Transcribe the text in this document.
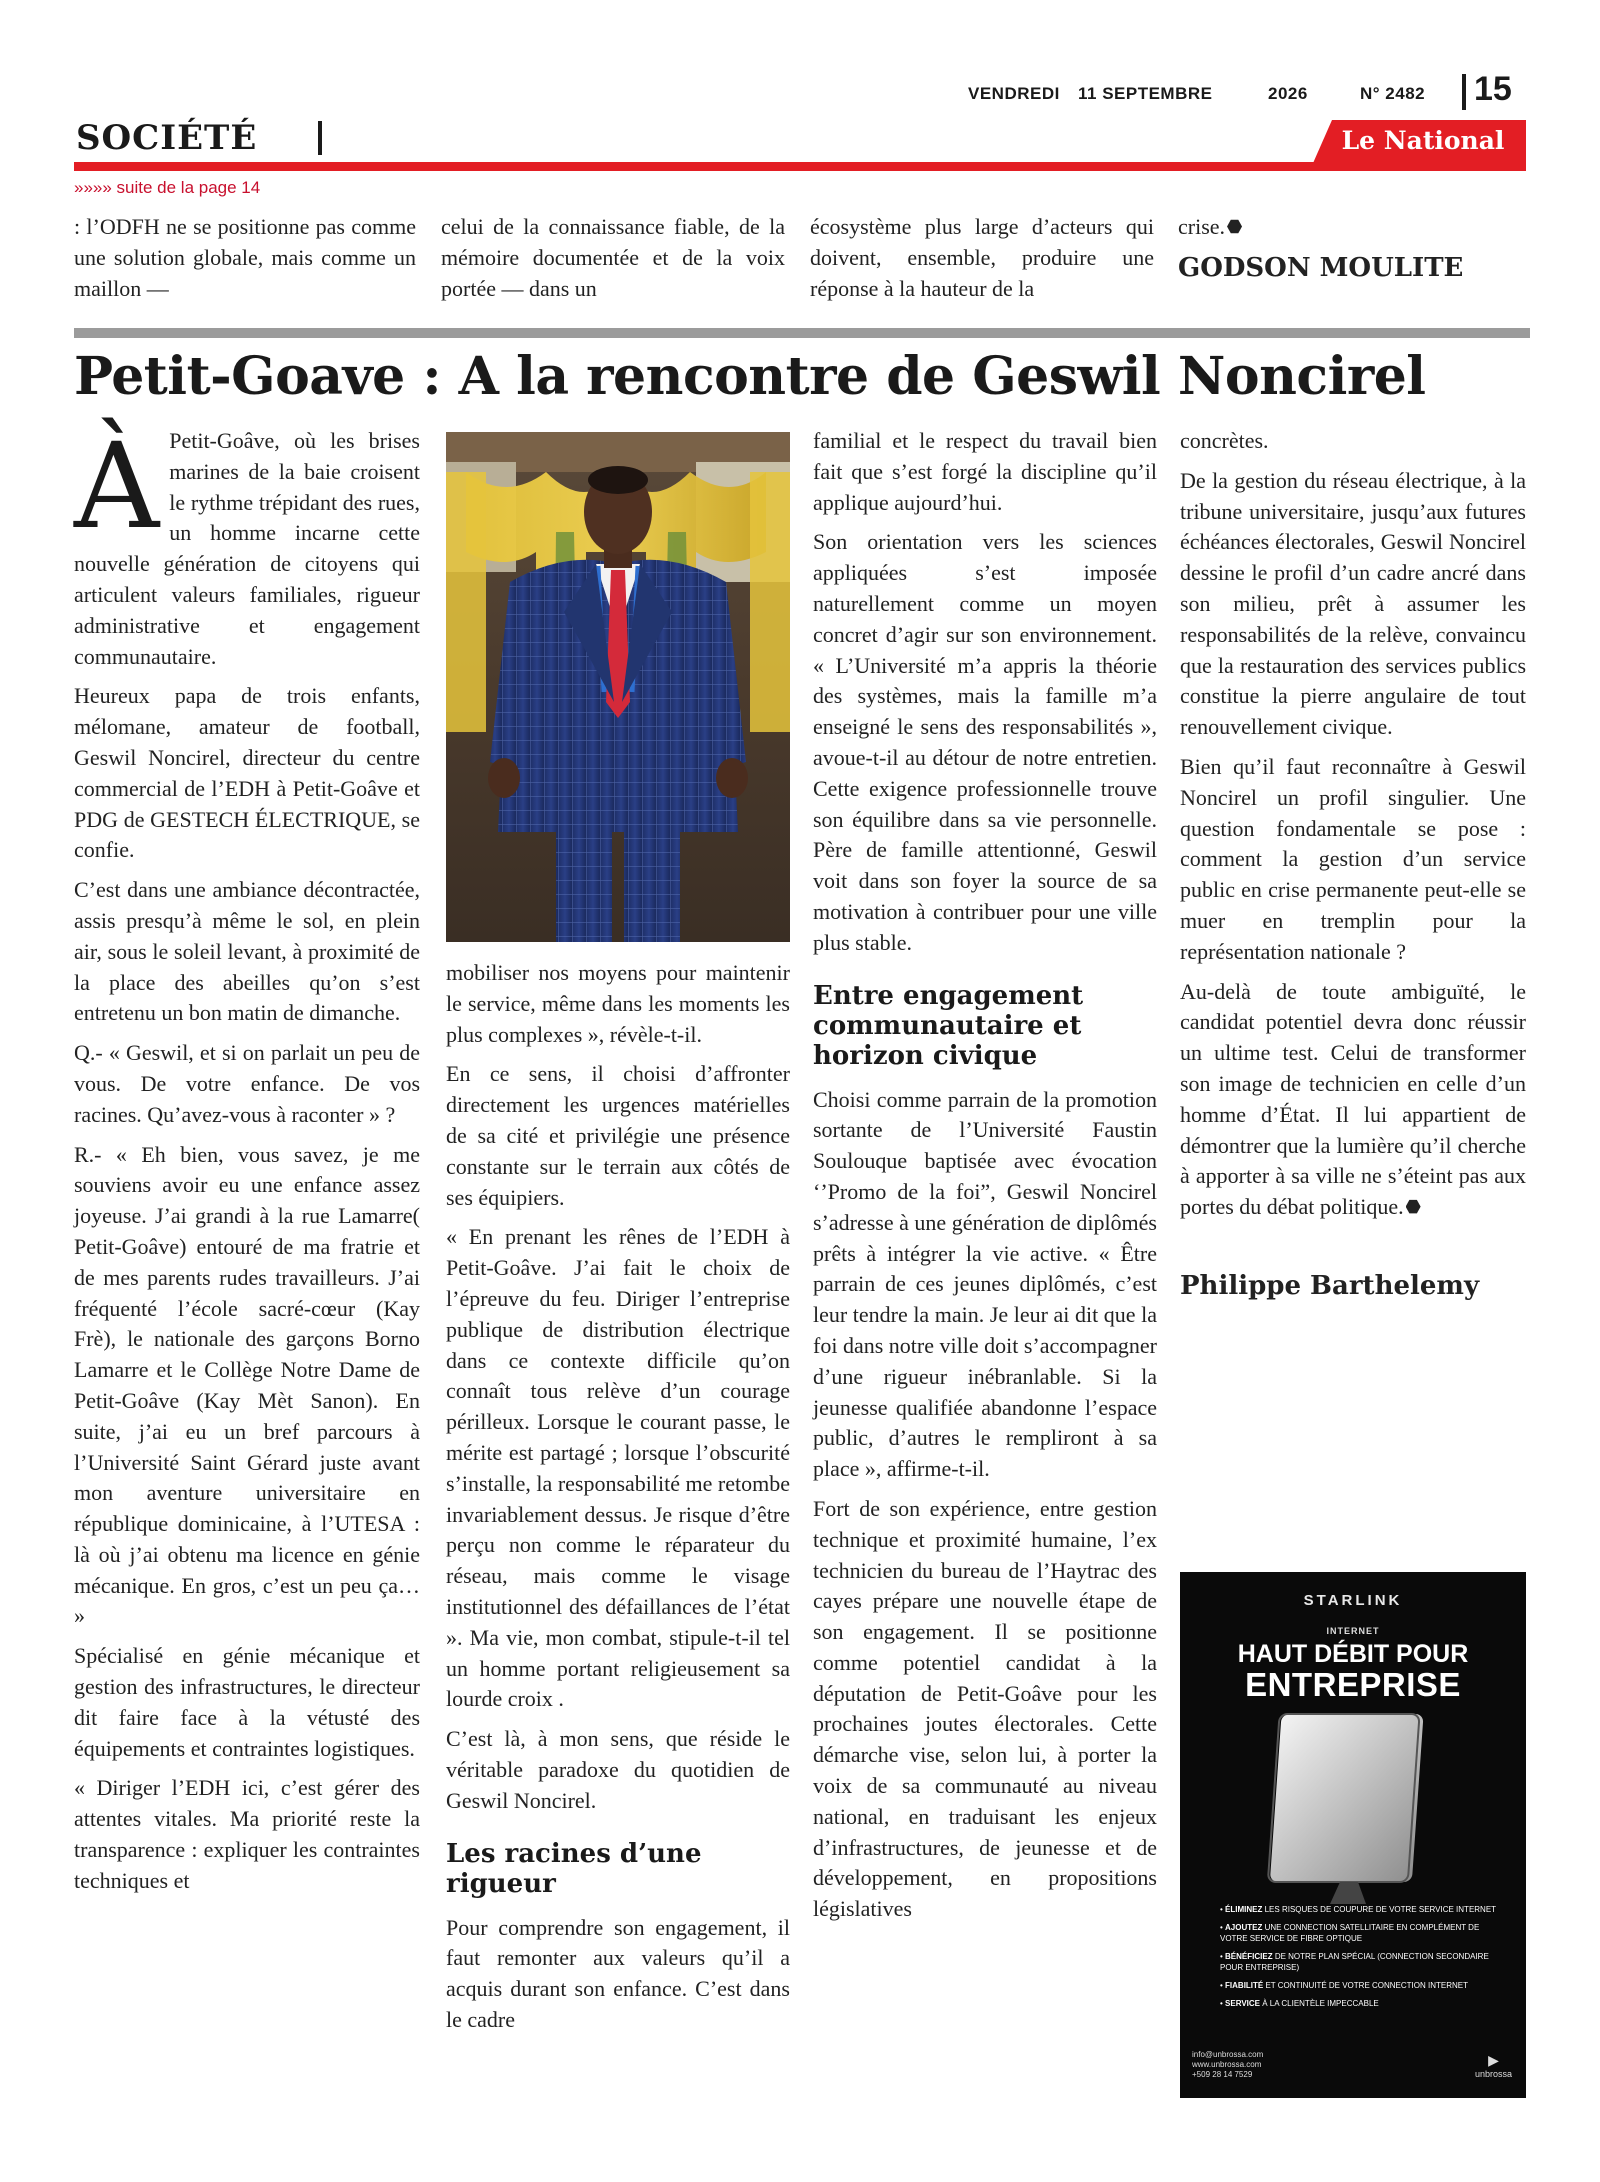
VENDREDI 11 SEPTEMBRE	2026	N° 2482 15
SOCIÉTÉ	Le National
»»»» suite de la page 14

: l’ODFH ne se positionne pas comme une solution globale, mais comme un maillon —

celui de la connaissance fiable, de la mémoire documentée et de la voix portée — dans un

écosystème plus large d’acteurs qui doivent, ensemble, produire une réponse à la hauteur de la

crise.

GODSON MOULITE

Petit-Goave : A la rencontre de Geswil Noncirel

À Petit-Goâve, où les brises marines de la baie croisent le rythme trépidant des rues, un homme incarne cette nouvelle génération de citoyens qui articulent valeurs familiales, rigueur administrative et engagement communautaire.

Heureux papa de trois enfants, mélomane, amateur de football, Geswil Noncirel, directeur du centre commercial de l’EDH à Petit-Goâve et PDG de GESTECH ÉLECTRIQUE, se confie.

C’est dans une ambiance décontractée, assis presqu’à même le sol, en plein air, sous le soleil levant, à proximité de la place des abeilles qu’on s’est entretenu un bon matin de dimanche.

Q.- « Geswil, et si on parlait un peu de vous. De votre enfance. De vos racines. Qu’avez-vous à raconter » ?

R.- « Eh bien, vous savez, je me souviens avoir eu une enfance assez joyeuse. J’ai grandi à la rue Lamarre( Petit-Goâve) entouré de ma fratrie et de mes parents rudes travailleurs. J’ai fréquenté l’école sacré-cœur (Kay Frè), le nationale des garçons Borno Lamarre et le Collège Notre Dame de Petit-Goâve (Kay Mèt Sanon). En suite, j’ai eu un bref parcours à l’Université Saint Gérard juste avant mon aventure universitaire en république dominicaine, à l’UTESA : là où j’ai obtenu ma licence en génie mécanique. En gros, c’est un peu ça… »

Spécialisé en génie mécanique et gestion des infrastructures, le directeur dit faire face à la vétusté des équipements et contraintes logistiques.

« Diriger l’EDH ici, c’est gérer des attentes vitales. Ma priorité reste la transparence : expliquer les contraintes techniques et

mobiliser nos moyens pour maintenir le service, même dans les moments les plus complexes », révèle-t-il.

En ce sens, il choisi d’affronter directement les urgences matérielles de sa cité et privilégie une présence constante sur le terrain aux côtés de ses équipiers.

« En prenant les rênes de l’EDH à Petit-Goâve. J’ai fait le choix de l’épreuve du feu. Diriger l’entreprise publique de distribution électrique dans ce contexte difficile qu’on connaît tous relève d’un courage périlleux. Lorsque le courant passe, le mérite est partagé ; lorsque l’obscurité s’installe, la responsabilité me retombe invariablement dessus. Je risque d’être perçu non comme le réparateur du réseau, mais comme le visage institutionnel des défaillances de l’état ». Ma vie, mon combat, stipule-t-il tel un homme portant religieusement sa lourde croix .

C’est là, à mon sens, que réside le véritable paradoxe du quotidien de Geswil Noncirel.

Les racines d’une rigueur

Pour comprendre son engagement, il faut remonter aux valeurs qu’il a acquis durant son enfance. C’est dans le cadre

familial et le respect du travail bien fait que s’est forgé la discipline qu’il applique aujourd’hui.

Son orientation vers les sciences appliquées s’est imposée naturellement comme un moyen concret d’agir sur son environnement. « L’Université m’a appris la théorie des systèmes, mais la famille m’a enseigné le sens des responsabilités », avoue-t-il au détour de notre entretien. Cette exigence professionnelle trouve son équilibre dans sa vie personnelle. Père de famille attentionné, Geswil voit dans son foyer la source de sa motivation à contribuer pour une ville plus stable.

Entre engagement communautaire et horizon civique

Choisi comme parrain de la promotion sortante de l’Université Faustin Soulouque baptisée avec évocation ‘’Promo de la foi”, Geswil Noncirel s’adresse à une génération de diplômés prêts à intégrer la vie active. « Être parrain de ces jeunes diplômés, c’est leur tendre la main. Je leur ai dit que la foi dans notre ville doit s’accompagner d’une rigueur inébranlable. Si la jeunesse qualifiée abandonne l’espace public, d’autres le rempliront à sa place », affirme-t-il.

Fort de son expérience, entre gestion technique et proximité humaine, l’ex technicien du bureau de l’Haytrac des cayes prépare une nouvelle étape de son engagement. Il se positionne comme potentiel candidat à la députation de Petit-Goâve pour les prochaines joutes électorales. Cette démarche vise, selon lui, à porter la voix de sa communauté au niveau national, en traduisant les enjeux d’infrastructures, de jeunesse et de développement, en propositions législatives

concrètes.

De la gestion du réseau électrique, à la tribune universitaire, jusqu’aux futures échéances électorales, Geswil Noncirel dessine le profil d’un cadre ancré dans son milieu, prêt à assumer les responsabilités de la relève, convaincu que la restauration des services publics constitue la pierre angulaire de tout renouvellement civique.

Bien qu’il faut reconnaître à Geswil Noncirel un profil singulier. Une question fondamentale se pose : comment la gestion d’un service public en crise permanente peut-elle se muer en tremplin pour la représentation nationale ?

Au-delà de toute ambiguïté, le candidat potentiel devra donc réussir un ultime test. Celui de transformer son image de technicien en celle d’un homme d’État. Il lui appartient de démontrer que la lumière qu’il cherche à apporter à sa ville ne s’éteint pas aux portes du débat politique.

Philippe Barthelemy

STARLINK
INTERNET
HAUT DÉBIT POUR
ENTREPRISE
• ÉLIMINEZ LES RISQUES DE COUPURE DE VOTRE SERVICE INTERNET
• AJOUTEZ UNE CONNECTION SATELLITAIRE EN COMPLÉMENT DE VOTRE SERVICE DE FIBRE OPTIQUE
• BÉNÉFICIEZ DE NOTRE PLAN SPÉCIAL (CONNECTION SECONDAIRE POUR ENTREPRISE)
• FIABILITÉ ET CONTINUITÉ DE VOTRE CONNECTION INTERNET
• SERVICE À LA CLIENTÈLE IMPECCABLE
info@unbrossa.com
www.unbrossa.com
+509 28 14 7529
▶
unbrossa
